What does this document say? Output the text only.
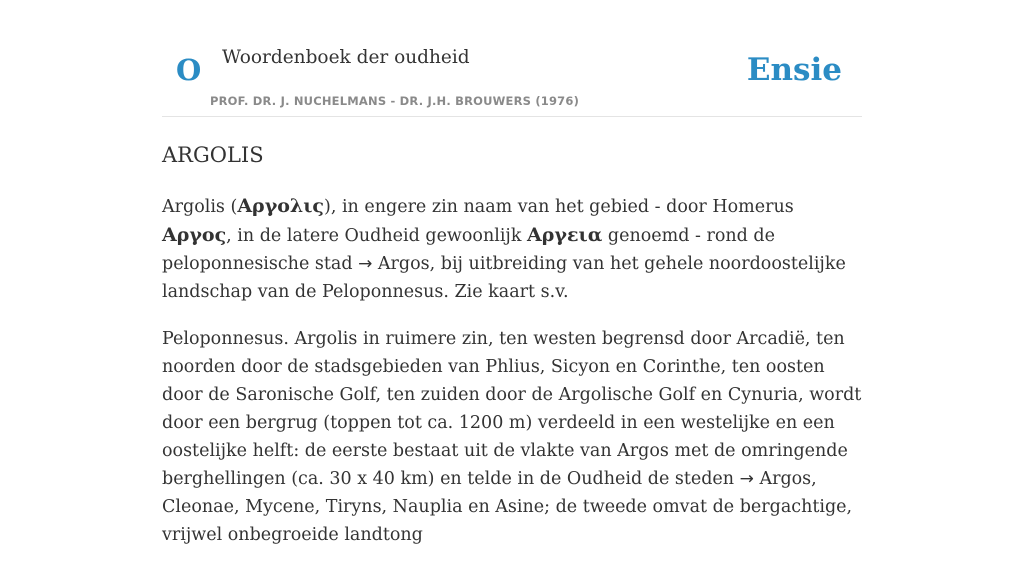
O Woordenboek der oudheid
PROF. DR. J. NUCHELMANS - DR. J.H. BROUWERS (1976)
Ensie
ARGOLIS

Argolis (Αργολις), in engere zin naam van het gebied - door Homerus Αργος, in de latere Oudheid gewoonlijk Αργεια genoemd - rond de peloponnesische stad → Argos, bij uitbreiding van het gehele noordoostelijke landschap van de Peloponnesus. Zie kaart s.v.

Peloponnesus. Argolis in ruimere zin, ten westen begrensd door Arcadië, ten noorden door de stadsgebieden van Phlius, Sicyon en Corinthe, ten oosten door de Saronische Golf, ten zuiden door de Argolische Golf en Cynuria, wordt door een bergrug (toppen tot ca. 1200 m) verdeeld in een westelijke en een oostelijke helft: de eerste bestaat uit de vlakte van Argos met de omringende berghellingen (ca. 30 x 40 km) en telde in de Oudheid de steden → Argos, Cleonae, Mycene, Tiryns, Nauplia en Asine; de tweede omvat de bergachtige, vrijwel onbegroeide landtong
